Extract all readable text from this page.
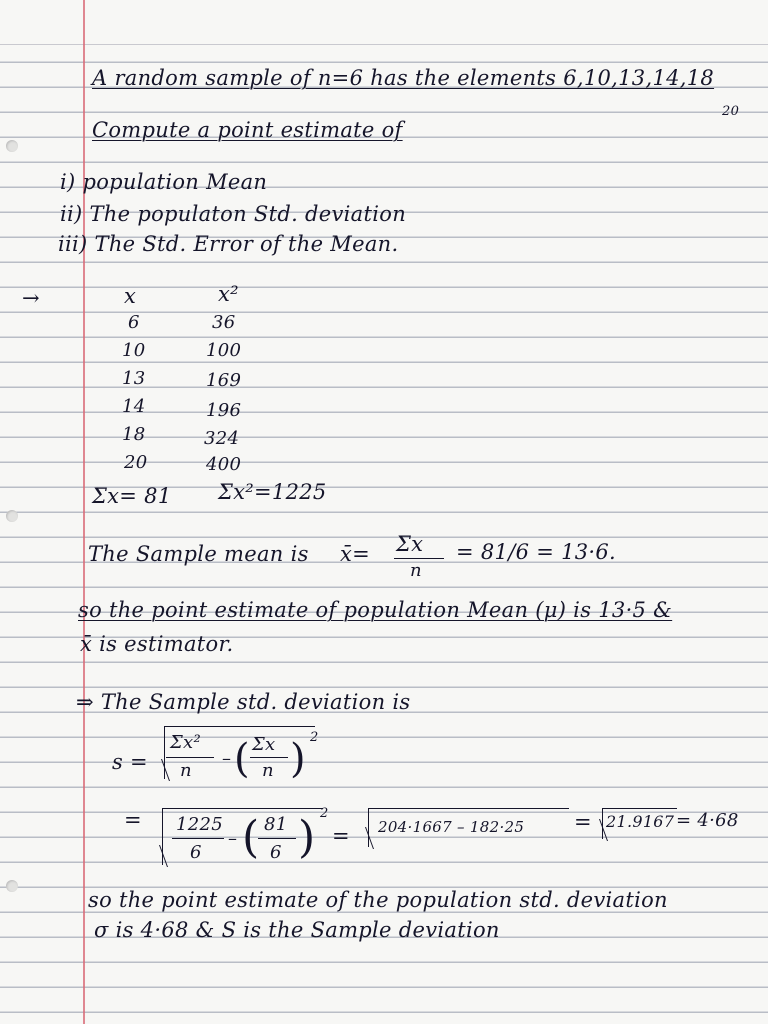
A random sample of n=6 has the elements 6,10,13,14,18
20
Compute a point estimate of
i) population Mean
ii) The populaton Std. deviation
iii) The Std. Error of the Mean.
→	x	x²
6	36
10	100
13	169
14	196
18	324
20	400
Σx= 81 Σx²=1225
The Sample mean is x̄= Σx
n
= 81/6 = 13·6.
so the point estimate of population Mean (μ) is 13·5 &
x̄ is estimator.
⇒ The Sample std. deviation is
s =
Σx²
n
– ( Σx
n ) 2
= 1225
6
– ( 81
6 ) 2
= 204·1667 – 182·25 = 21.9167 = 4·68
so the point estimate of the population std. deviation
σ is 4·68 & S is the Sample deviation
